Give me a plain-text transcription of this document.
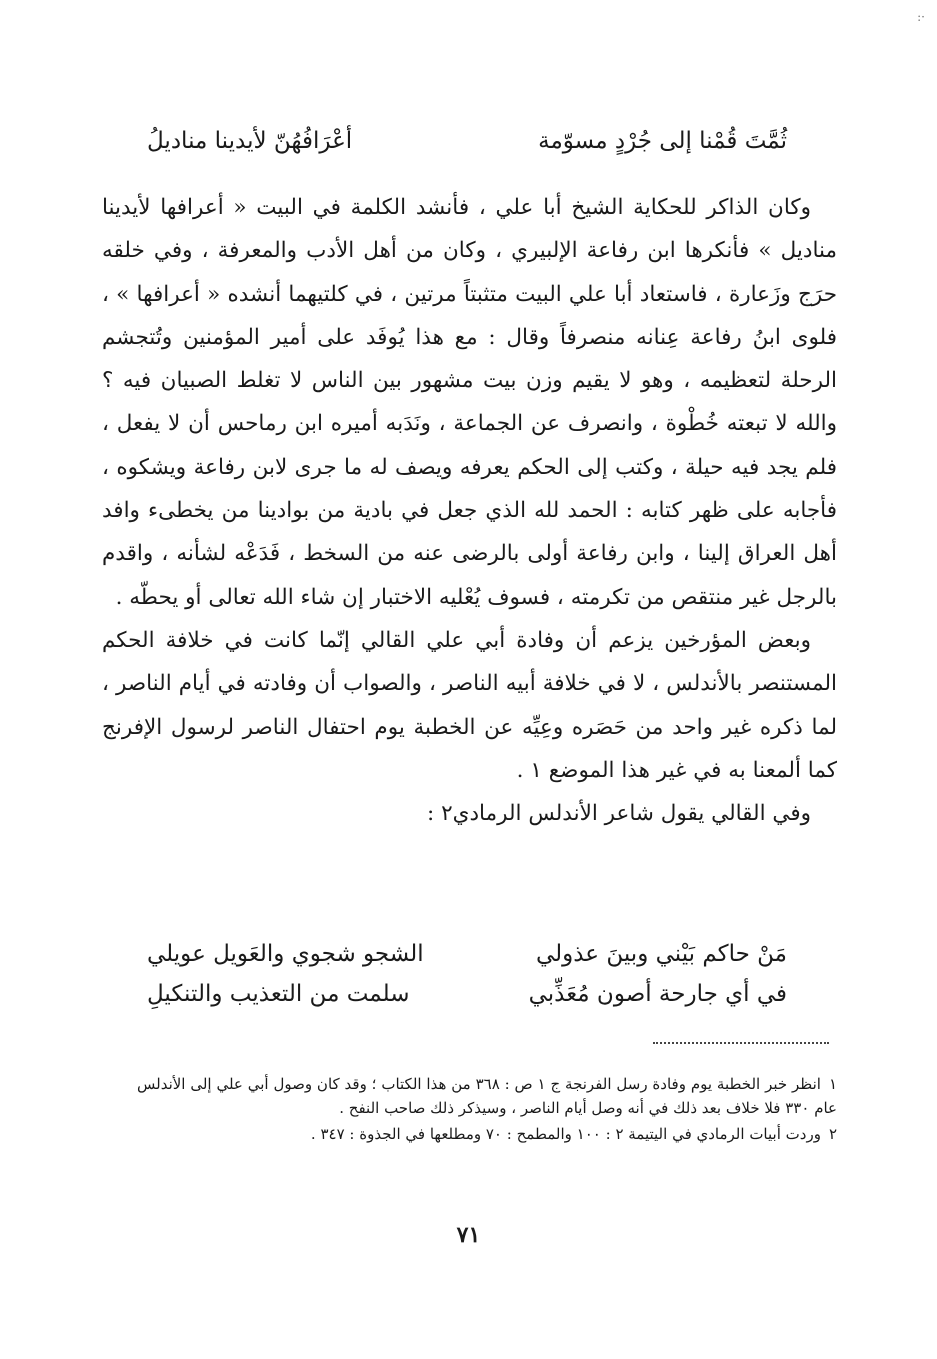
·:
ثُمَّتَ قُمْنا إلى جُرْدٍ مسوّمة
أعْرَافُهُنّ لأيدينا مناديلُ

وكان الذاكر للحكاية الشيخ أبا علي ، فأنشد الكلمة في البيت « أعرافها لأيدينا مناديل » فأنكرها ابن رفاعة الإلبيري ، وكان من أهل الأدب والمعرفة ، وفي خلقه حرَج وزَعارة ، فاستعاد أبا علي البيت متثبتاً مرتين ، في كلتيهما أنشده « أعرافها » ، فلوى ابنُ رفاعة عِنانه منصرفاً وقال : مع هذا يُوفَد على أمير المؤمنين وتُتجشم الرحلة لتعظيمه ، وهو لا يقيم وزن بيت مشهور بين الناس لا تغلط الصبيان فيه ؟ والله لا تبعته خُطْوة ، وانصرف عن الجماعة ، ونَدَبه أميره ابن رماحس أن لا يفعل ، فلم يجد فيه حيلة ، وكتب إلى الحكم يعرفه ويصف له ما جرى لابن رفاعة ويشكوه ، فأجابه على ظهر كتابه : الحمد لله الذي جعل في بادية من بوادينا من يخطىء وافد أهل العراق إلينا ، وابن رفاعة أولى بالرضى عنه من السخط ، فَدَعْه لشأنه ، واقدم بالرجل غير منتقص من تكرمته ، فسوف يُعْليه الاختبار إن شاء الله تعالى أو يحطّه .

وبعض المؤرخين يزعم أن وفادة أبي علي القالي إنّما كانت في خلافة الحكم المستنصر بالأندلس ، لا في خلافة أبيه الناصر ، والصواب أن وفادته في أيام الناصر ، لما ذكره غير واحد من حَصَره وعِيِّه عن الخطبة يوم احتفال الناصر لرسول الإفرنج كما ألمعنا به في غير هذا الموضع ١ .

وفي القالي يقول شاعر الأندلس الرمادي٢ :

مَنْ حاكم بَيْني وبينَ عذولي
الشجو شجوي والعَويل عويلي
في أي جارحة أصون مُعَذِّبي
سلمت من التعذيب والتنكيلِ

١انظر خبر الخطبة يوم وفادة رسل الفرنجة ج ١ ص : ٣٦٨ من هذا الكتاب ؛ وقد كان وصول أبي علي إلى الأندلس عام ٣٣٠ فلا خلاف بعد ذلك في أنه وصل أيام الناصر ، وسيذكر ذلك صاحب النفح .

٢وردت أبيات الرمادي في اليتيمة ٢ : ١٠٠ والمطمح : ٧٠ ومطلعها في الجذوة : ٣٤٧ .

٧١
